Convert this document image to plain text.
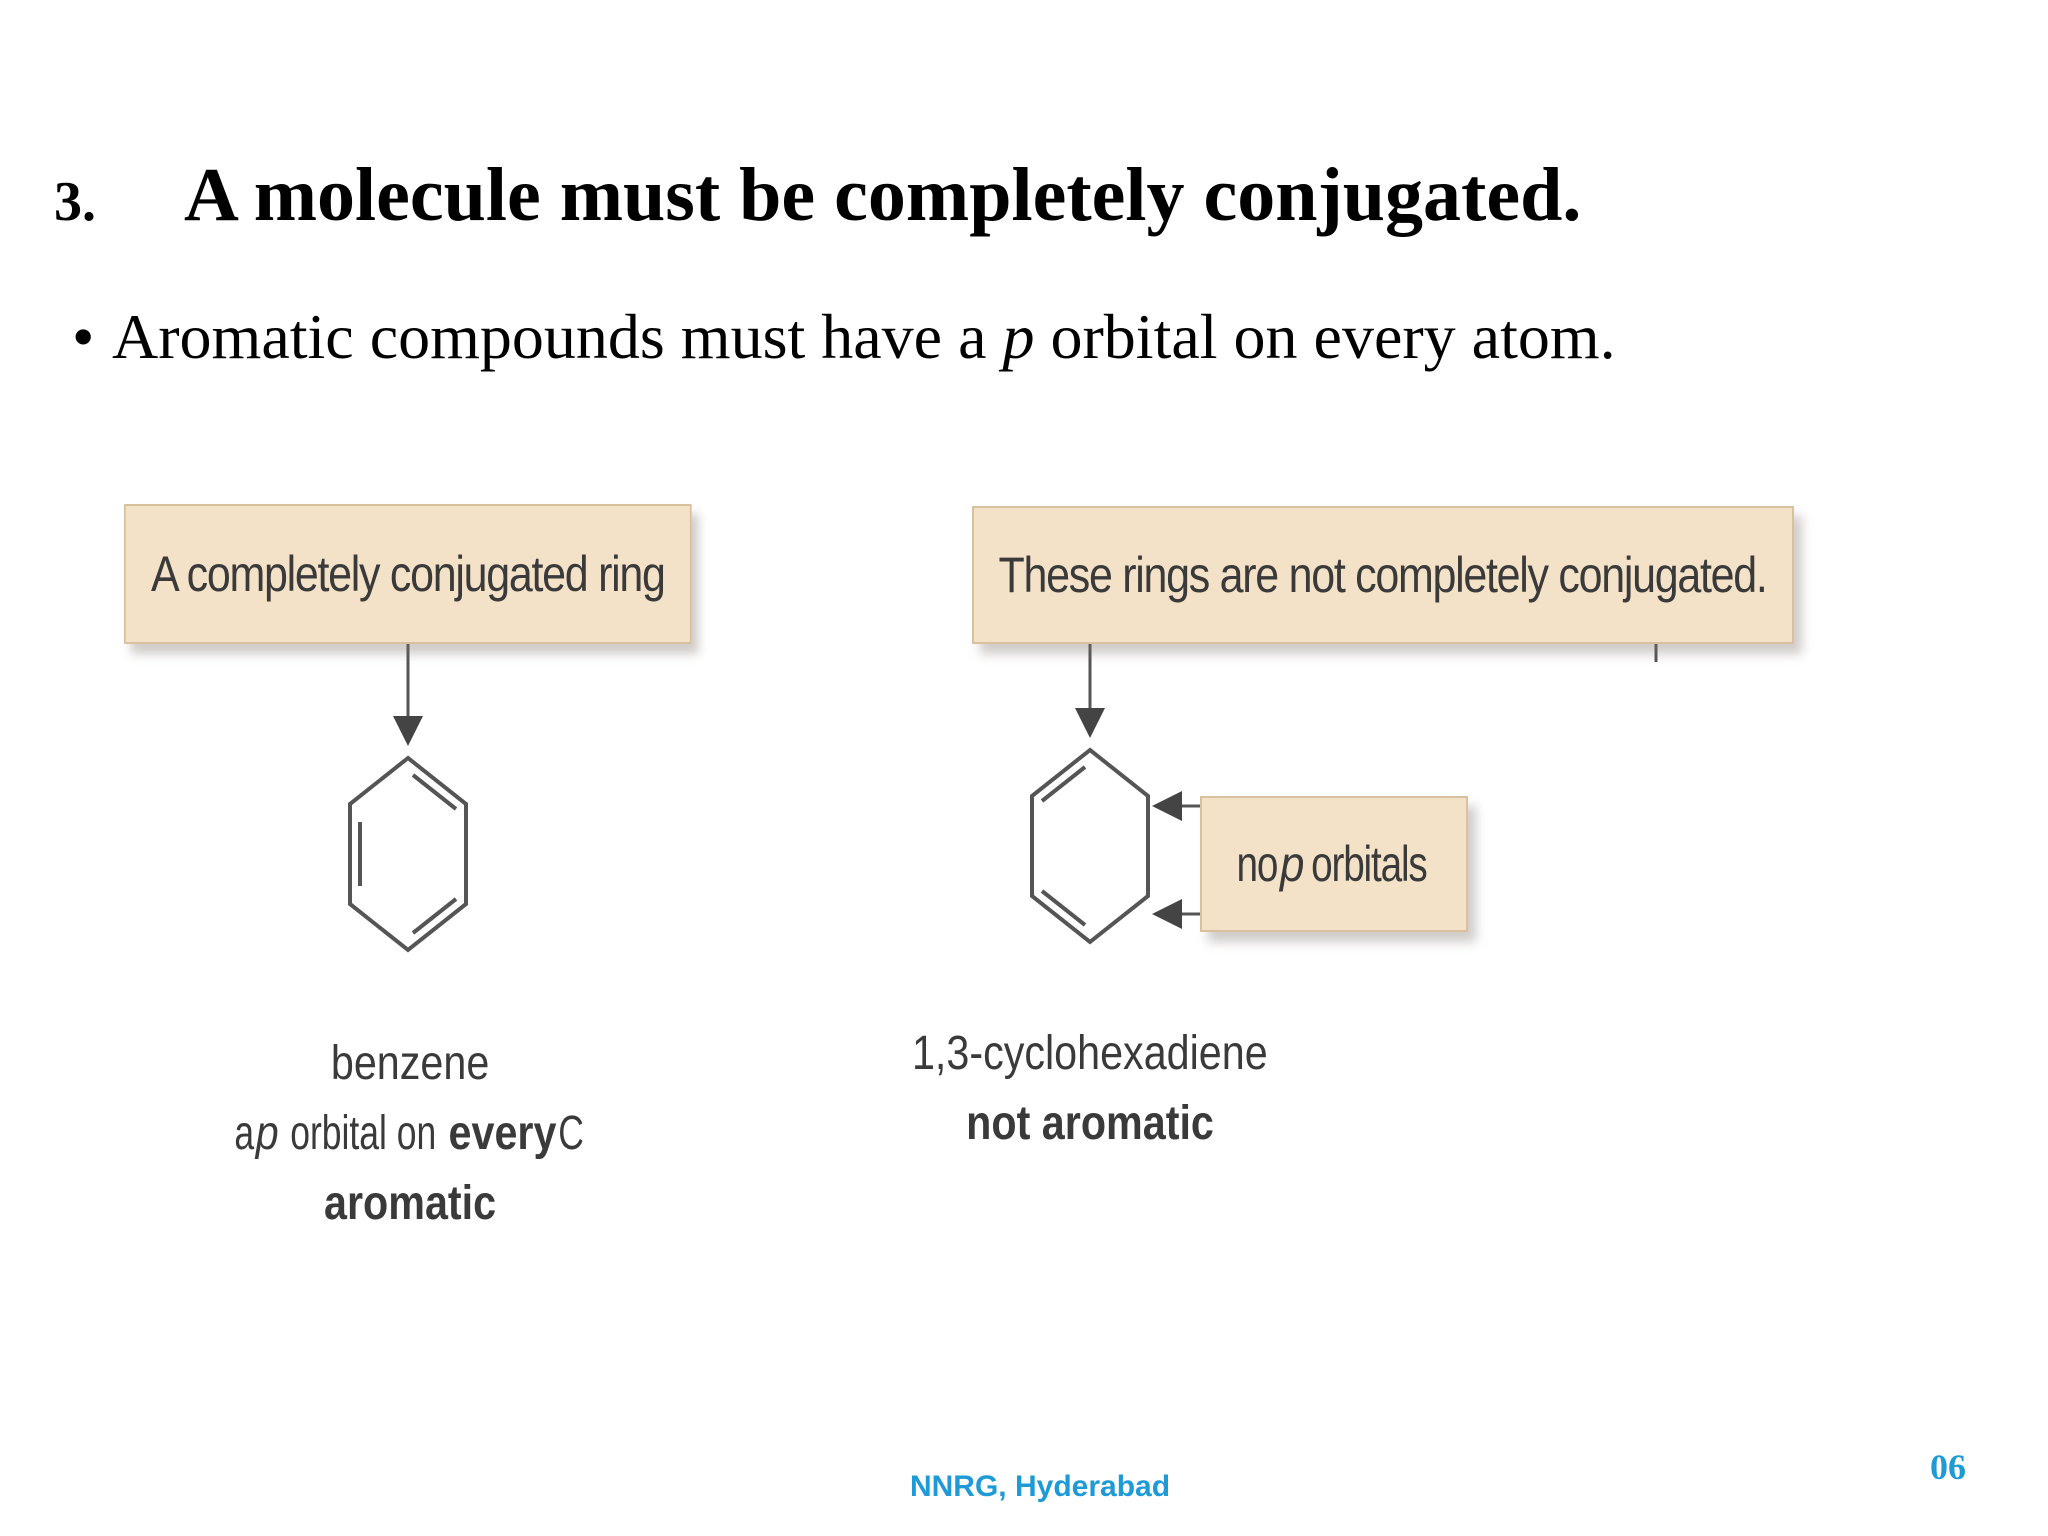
3. A molecule must be completely conjugated.
• Aromatic compounds must have a p orbital on every atom.
A completely conjugated ring	These rings are not completely conjugated.
noporbitals
benzene
aporbital oneveryC
aromatic
1,3-cyclohexadiene
not aromatic
NNRG, Hyderabad	06
